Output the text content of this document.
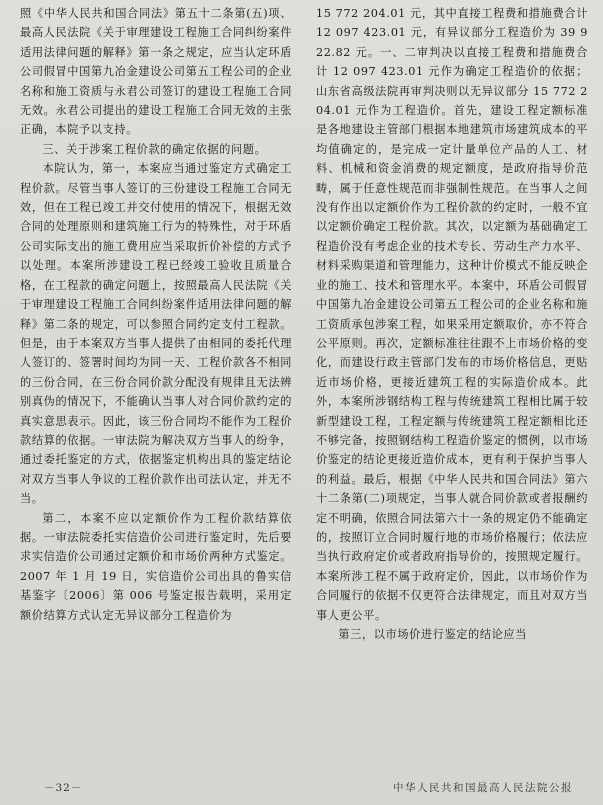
照《中华人民共和国合同法》第五十二条第(五)项、最高人民法院《关于审理建设工程施工合同纠纷案件适用法律问题的解释》第一条之规定，应当认定环盾公司假冒中国第九冶金建设公司第五工程公司的企业名称和施工资质与永君公司签订的建设工程施工合同无效。永君公司提出的建设工程施工合同无效的主张正确，本院予以支持。

三、关于涉案工程价款的确定依据的问题。

本院认为，第一，本案应当通过鉴定方式确定工程价款。尽管当事人签订的三份建设工程施工合同无效，但在工程已竣工并交付使用的情况下，根据无效合同的处理原则和建筑施工行为的特殊性，对于环盾公司实际支出的施工费用应当采取折价补偿的方式予以处理。本案所涉建设工程已经竣工验收且质量合格，在工程款的确定问题上，按照最高人民法院《关于审理建设工程施工合同纠纷案件适用法律问题的解释》第二条的规定，可以参照合同约定支付工程款。但是，由于本案双方当事人提供了由相同的委托代理人签订的、签署时间均为同一天、工程价款各不相同的三份合同，在三份合同价款分配没有规律且无法辨别真伪的情况下，不能确认当事人对合同价款约定的真实意思表示。因此，该三份合同均不能作为工程价款结算的依据。一审法院为解决双方当事人的纷争，通过委托鉴定的方式，依据鉴定机构出具的鉴定结论对双方当事人争议的工程价款作出司法认定，并无不当。

第二，本案不应以定额价作为工程价款结算依据。一审法院委托实信造价公司进行鉴定时，先后要求实信造价公司通过定额价和市场价两种方式鉴定。2007 年 1 月 19 日，实信造价公司出具的鲁实信基鉴字〔2006〕第 006 号鉴定报告载明，采用定额价结算方式认定无异议部分工程造价为

15 772 204.01 元，其中直接工程费和措施费合计 12 097 423.01 元，有异议部分工程造价为 39 922.82 元。一、二审判决以直接工程费和措施费合计 12 097 423.01 元作为确定工程造价的依据；山东省高级法院再审判决则以无异议部分 15 772 204.01 元作为工程造价。首先，建设工程定额标准是各地建设主管部门根据本地建筑市场建筑成本的平均值确定的，是完成一定计量单位产品的人工、材料、机械和资金消费的规定额度，是政府指导价范畴，属于任意性规范而非强制性规范。在当事人之间没有作出以定额价作为工程价款的约定时，一般不宜以定额价确定工程价款。其次，以定额为基础确定工程造价没有考虑企业的技术专长、劳动生产力水平、材料采购渠道和管理能力，这种计价模式不能反映企业的施工、技术和管理水平。本案中，环盾公司假冒中国第九冶金建设公司第五工程公司的企业名称和施工资质承包涉案工程，如果采用定额取价，亦不符合公平原则。再次，定额标准往往跟不上市场价格的变化，而建设行政主管部门发布的市场价格信息，更贴近市场价格，更接近建筑工程的实际造价成本。此外，本案所涉钢结构工程与传统建筑工程相比属于较新型建设工程，工程定额与传统建筑工程定额相比还不够完备，按照钢结构工程造价鉴定的惯例，以市场价鉴定的结论更接近造价成本，更有利于保护当事人的利益。最后，根据《中华人民共和国合同法》第六十二条第(二)项规定，当事人就合同价款或者报酬约定不明确，依照合同法第六十一条的规定仍不能确定的，按照订立合同时履行地的市场价格履行；依法应当执行政府定价或者政府指导价的，按照规定履行。本案所涉工程不属于政府定价，因此，以市场价作为合同履行的依据不仅更符合法律规定，而且对双方当事人更公平。

第三，以市场价进行鉴定的结论应当

－32－	中华人民共和国最高人民法院公报
